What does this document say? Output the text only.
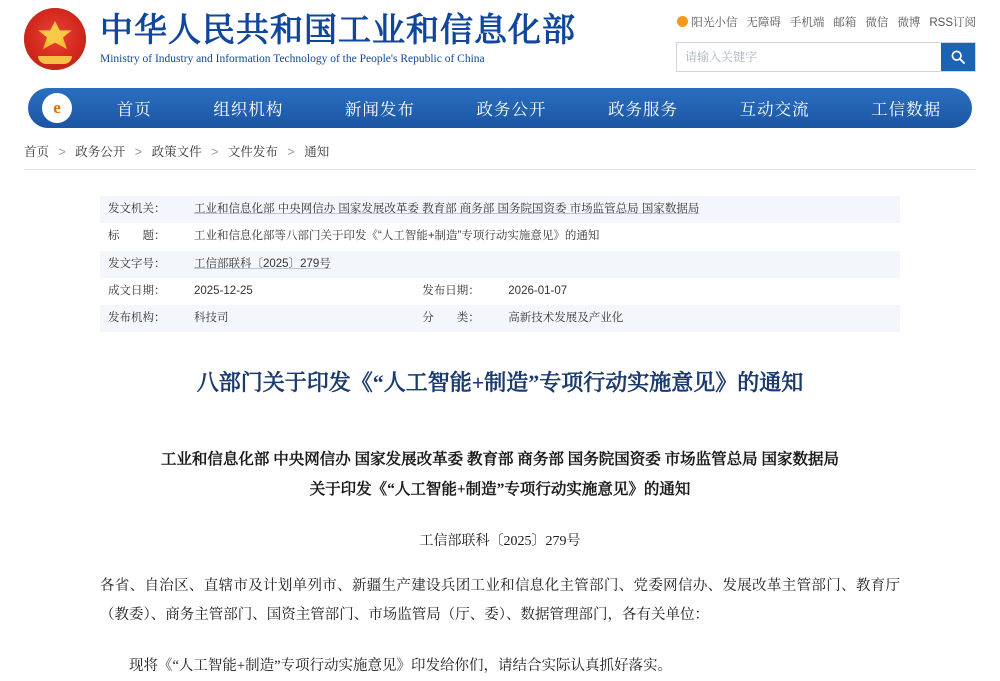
中华人民共和国工业和信息化部
Ministry of Industry and Information Technology of the People's Republic of China
阳光小信 无障碍 手机端 邮箱 微信 微博 RSS订阅
请输入关键字
e	首页	组织机构	新闻发布	政务公开	政务服务	互动交流	工信数据
首页 > 政务公开 > 政策文件 > 文件发布 > 通知
发文机关：	工业和信息化部 中央网信办 国家发展改革委 教育部 商务部 国务院国资委 市场监管总局 国家数据局		
标　　题：	工业和信息化部等八部门关于印发《“人工智能+制造”专项行动实施意见》的通知		
发文字号：	工信部联科〔2025〕279号		
成文日期：	2025-12-25	发布日期：	2026-01-07
发布机构：	科技司	分　　类：	高新技术发展及产业化
八部门关于印发《“人工智能+制造”专项行动实施意见》的通知
工业和信息化部 中央网信办 国家发展改革委 教育部 商务部 国务院国资委 市场监管总局 国家数据局
关于印发《“人工智能+制造”专项行动实施意见》的通知
工信部联科〔2025〕279号

各省、自治区、直辖市及计划单列市、新疆生产建设兵团工业和信息化主管部门、党委网信办、发展改革主管部门、教育厅（教委）、商务主管部门、国资主管部门、市场监管局（厅、委）、数据管理部门，各有关单位：

现将《“人工智能+制造”专项行动实施意见》印发给你们，请结合实际认真抓好落实。
